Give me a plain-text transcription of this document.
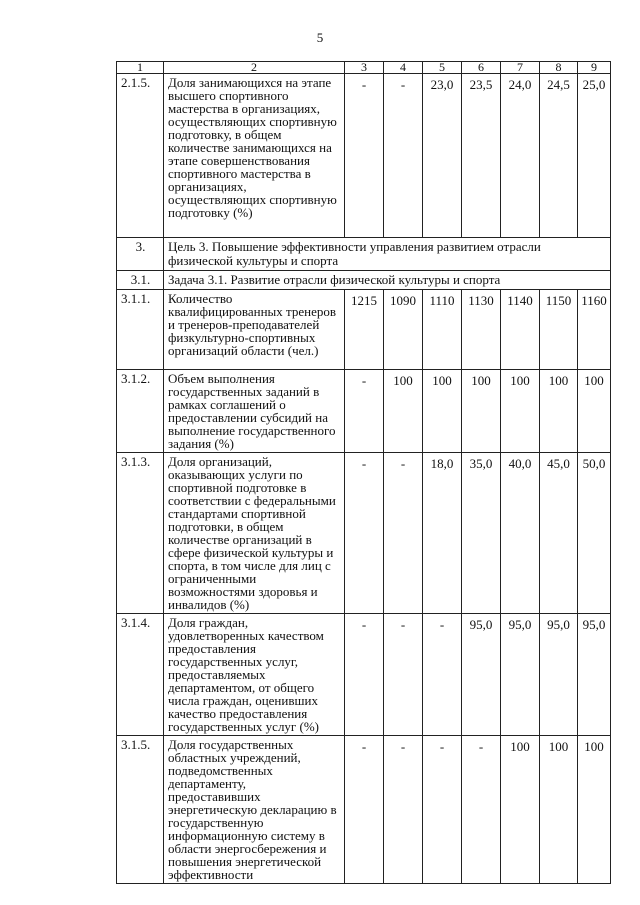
5
1	2	3	4	5	6	7	8	9
2.1.5.	Доля занимающихся на этапе высшего спортивного мастерства в организациях, осуществляющих спортивную подготовку, в общем количестве занимающихся на этапе совершенствования спортивного мастерства в организациях, осуществляющих спортивную подготовку (%)	-	-	23,0	23,5	24,0	24,5	25,0
3.	Цель 3. Повышение эффективности управления развитием отрасли физической культуры и спорта							
3.1.	Задача 3.1. Развитие отрасли физической культуры и спорта							
3.1.1.	Количество квалифицированных тренеров и тренеров-преподавателей физкультурно-спортивных организаций области (чел.)	1215	1090	1110	1130	1140	1150	1160
3.1.2.	Объем выполнения государственных заданий в рамках соглашений о предоставлении субсидий на выполнение государственного задания (%)	-	100	100	100	100	100	100
3.1.3.	Доля организаций, оказывающих услуги по спортивной подготовке в соответствии с федеральными стандартами спортивной подготовки, в общем количестве организаций в сфере физической культуры и спорта, в том числе для лиц с ограниченными возможностями здоровья и инвалидов (%)	-	-	18,0	35,0	40,0	45,0	50,0
3.1.4.	Доля граждан, удовлетворенных качеством предоставления государственных услуг, предоставляемых департаментом, от общего числа граждан, оценивших качество предоставления государственных услуг (%)	-	-	-	95,0	95,0	95,0	95,0
3.1.5.	Доля государственных областных учреждений, подведомственных департаменту, предоставивших энергетическую декларацию в государственную информационную систему в области энергосбережения и повышения энергетической эффективности	-	-	-	-	100	100	100
